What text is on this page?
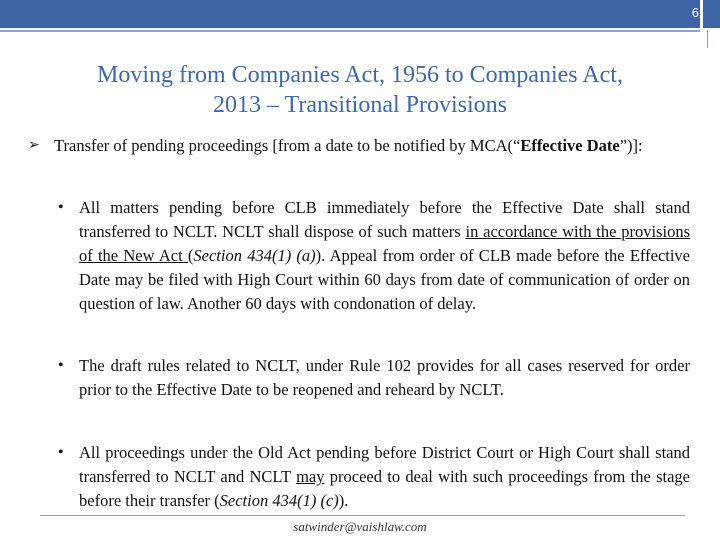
6
Moving from Companies Act, 1956 to Companies Act,
2013 – Transitional Provisions
➢ Transfer of pending proceedings [from a date to be notified by MCA(“Effective Date”)]:
• All matters pending before CLB immediately before the Effective Date shall stand transferred to NCLT. NCLT shall dispose of such matters in accordance with the provisions of the New Act (Section 434(1) (a)). Appeal from order of CLB made before the Effective Date may be filed with High Court within 60 days from date of communication of order on question of law. Another 60 days with condonation of delay.
• The draft rules related to NCLT, under Rule 102 provides for all cases reserved for order prior to the Effective Date to be reopened and reheard by NCLT.
• All proceedings under the Old Act pending before District Court or High Court shall stand transferred to NCLT and NCLT may proceed to deal with such proceedings from the stage before their transfer (Section 434(1) (c)).
satwinder@vaishlaw.com
